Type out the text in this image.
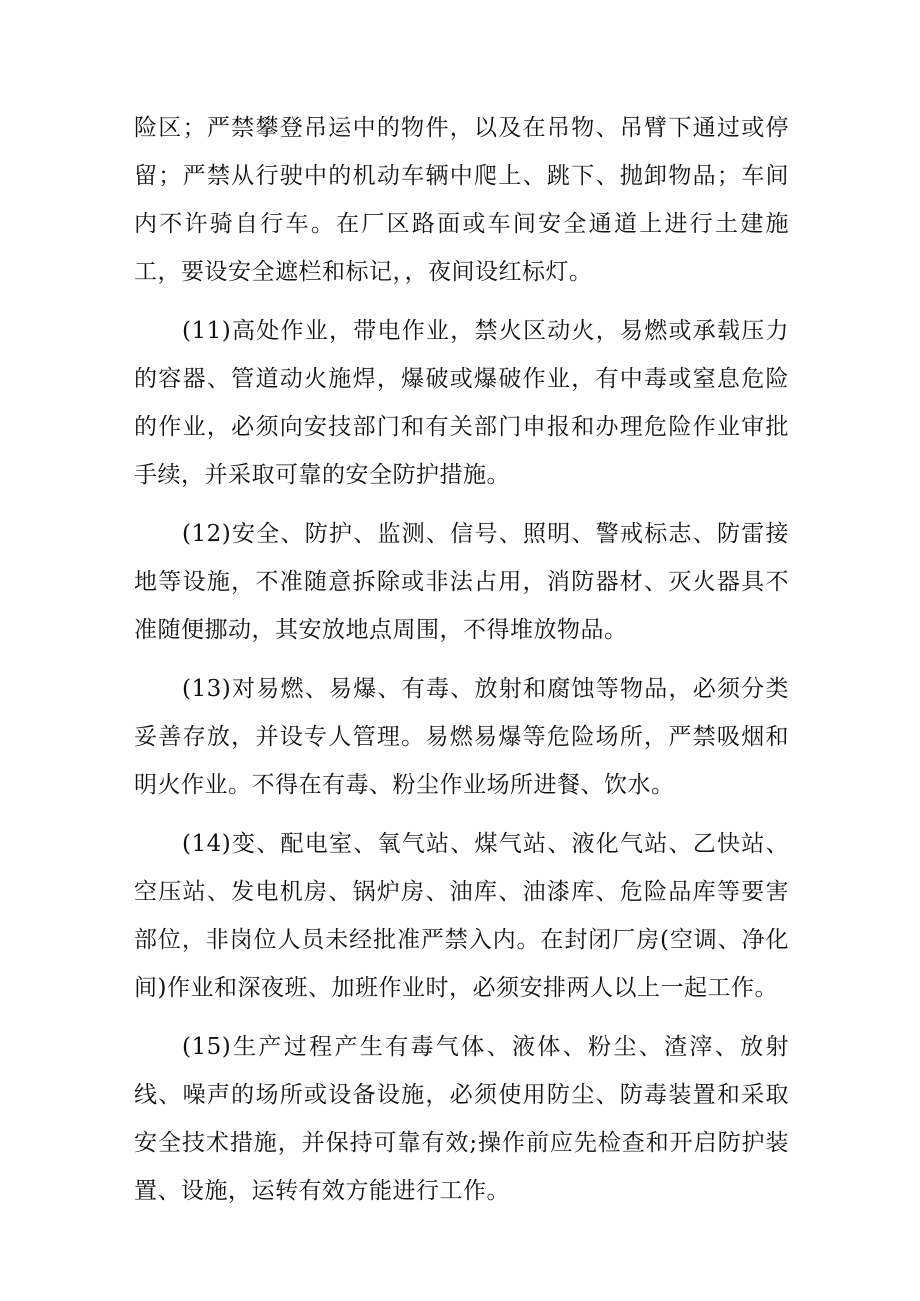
险区；严禁攀登吊运中的物件，以及在吊物、吊臂下通过或停留；严禁从行驶中的机动车辆中爬上、跳下、抛卸物品；车间内不许骑自行车。在厂区路面或车间安全通道上进行土建施工，要设安全遮栏和标记，，夜间设红标灯。

(11)高处作业，带电作业，禁火区动火，易燃或承载压力的容器、管道动火施焊，爆破或爆破作业，有中毒或窒息危险的作业，必须向安技部门和有关部门申报和办理危险作业审批手续，并采取可靠的安全防护措施。

(12)安全、防护、监测、信号、照明、警戒标志、防雷接地等设施，不准随意拆除或非法占用，消防器材、灭火器具不准随便挪动，其安放地点周围，不得堆放物品。

(13)对易燃、易爆、有毒、放射和腐蚀等物品，必须分类妥善存放，并设专人管理。易燃易爆等危险场所，严禁吸烟和明火作业。不得在有毒、粉尘作业场所进餐、饮水。

(14)变、配电室、氧气站、煤气站、液化气站、乙快站、空压站、发电机房、锅炉房、油库、油漆库、危险品库等要害部位，非岗位人员未经批准严禁入内。在封闭厂房(空调、净化间)作业和深夜班、加班作业时，必须安排两人以上一起工作。

(15)生产过程产生有毒气体、液体、粉尘、渣滓、放射线、噪声的场所或设备设施，必须使用防尘、防毒装置和采取安全技术措施，并保持可靠有效;操作前应先检查和开启防护装置、设施，运转有效方能进行工作。
